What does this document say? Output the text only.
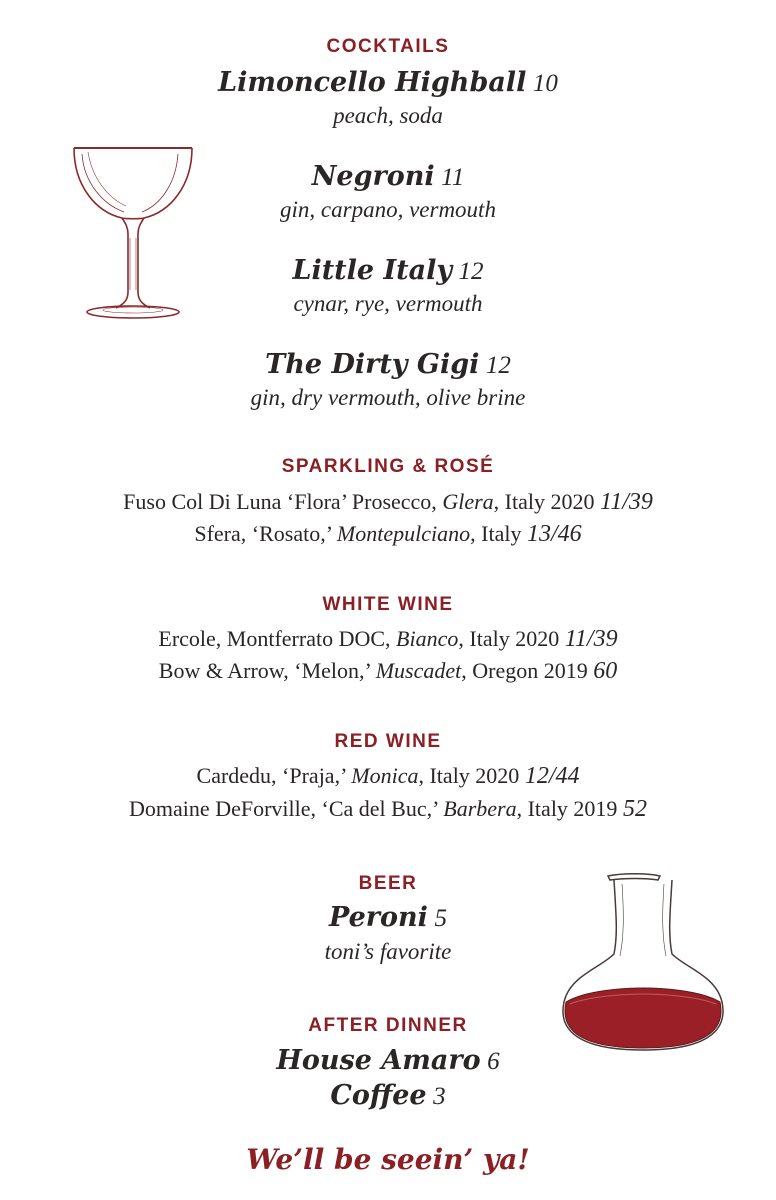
COCKTAILS
Limoncello Highball 10
peach, soda
Negroni 11
gin, carpano, vermouth
Little Italy 12
cynar, rye, vermouth
The Dirty Gigi 12
gin, dry vermouth, olive brine
SPARKLING & ROSÉ
Fuso Col Di Luna ‘Flora’ Prosecco, Glera, Italy 2020 11/39
Sfera, ‘Rosato,’ Montepulciano, Italy 13/46
WHITE WINE
Ercole, Montferrato DOC, Bianco, Italy 2020 11/39
Bow & Arrow, ‘Melon,’ Muscadet, Oregon 2019 60
RED WINE
Cardedu, ‘Praja,’ Monica, Italy 2020 12/44
Domaine DeForville, ‘Ca del Buc,’ Barbera, Italy 2019 52
BEER
Peroni 5
toni’s favorite
AFTER DINNER
House Amaro 6
Coffee 3
We’ll be seein’ ya!
